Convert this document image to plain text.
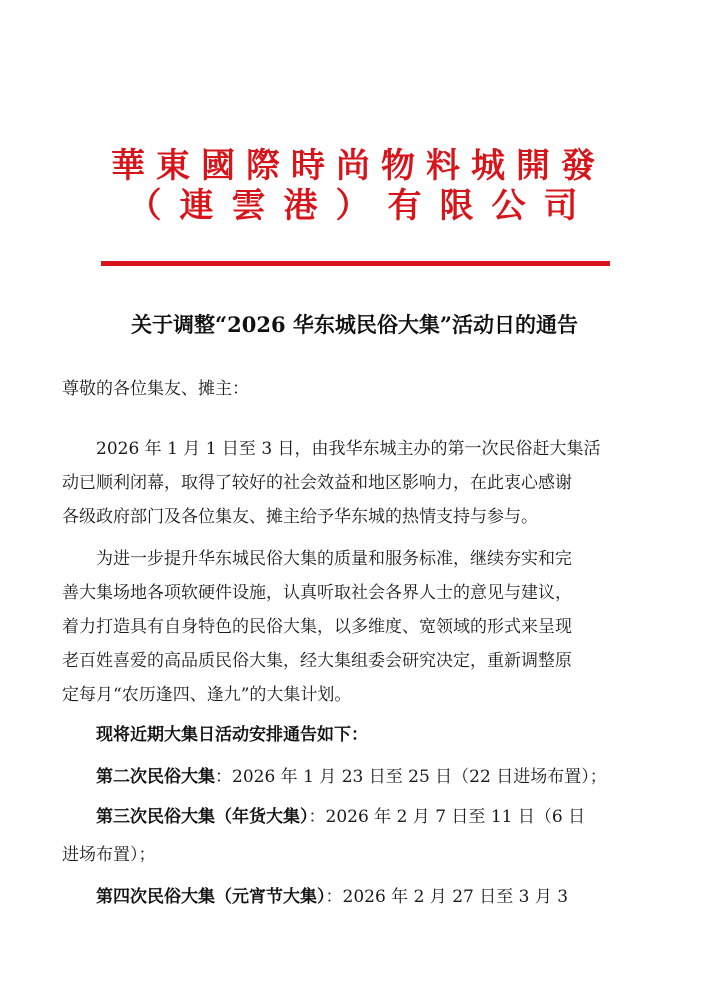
華東國際時尚物料城開發
（連雲港）有限公司
关于调整“2026 华东城民俗大集”活动日的通告
尊敬的各位集友、摊主：
2026 年 1 月 1 日至 3 日，由我华东城主办的第一次民俗赶大集活
动已顺利闭幕，取得了较好的社会效益和地区影响力，在此衷心感谢
各级政府部门及各位集友、摊主给予华东城的热情支持与参与。
为进一步提升华东城民俗大集的质量和服务标准，继续夯实和完
善大集场地各项软硬件设施，认真听取社会各界人士的意见与建议，
着力打造具有自身特色的民俗大集，以多维度、宽领域的形式来呈现
老百姓喜爱的高品质民俗大集，经大集组委会研究决定，重新调整原
定每月“农历逢四、逢九”的大集计划。
现将近期大集日活动安排通告如下：
第二次民俗大集：2026 年 1 月 23 日至 25 日（22 日进场布置）；
第三次民俗大集（年货大集）：2026 年 2 月 7 日至 11 日（6 日
进场布置）；
第四次民俗大集（元宵节大集）：2026 年 2 月 27 日至 3 月 3
